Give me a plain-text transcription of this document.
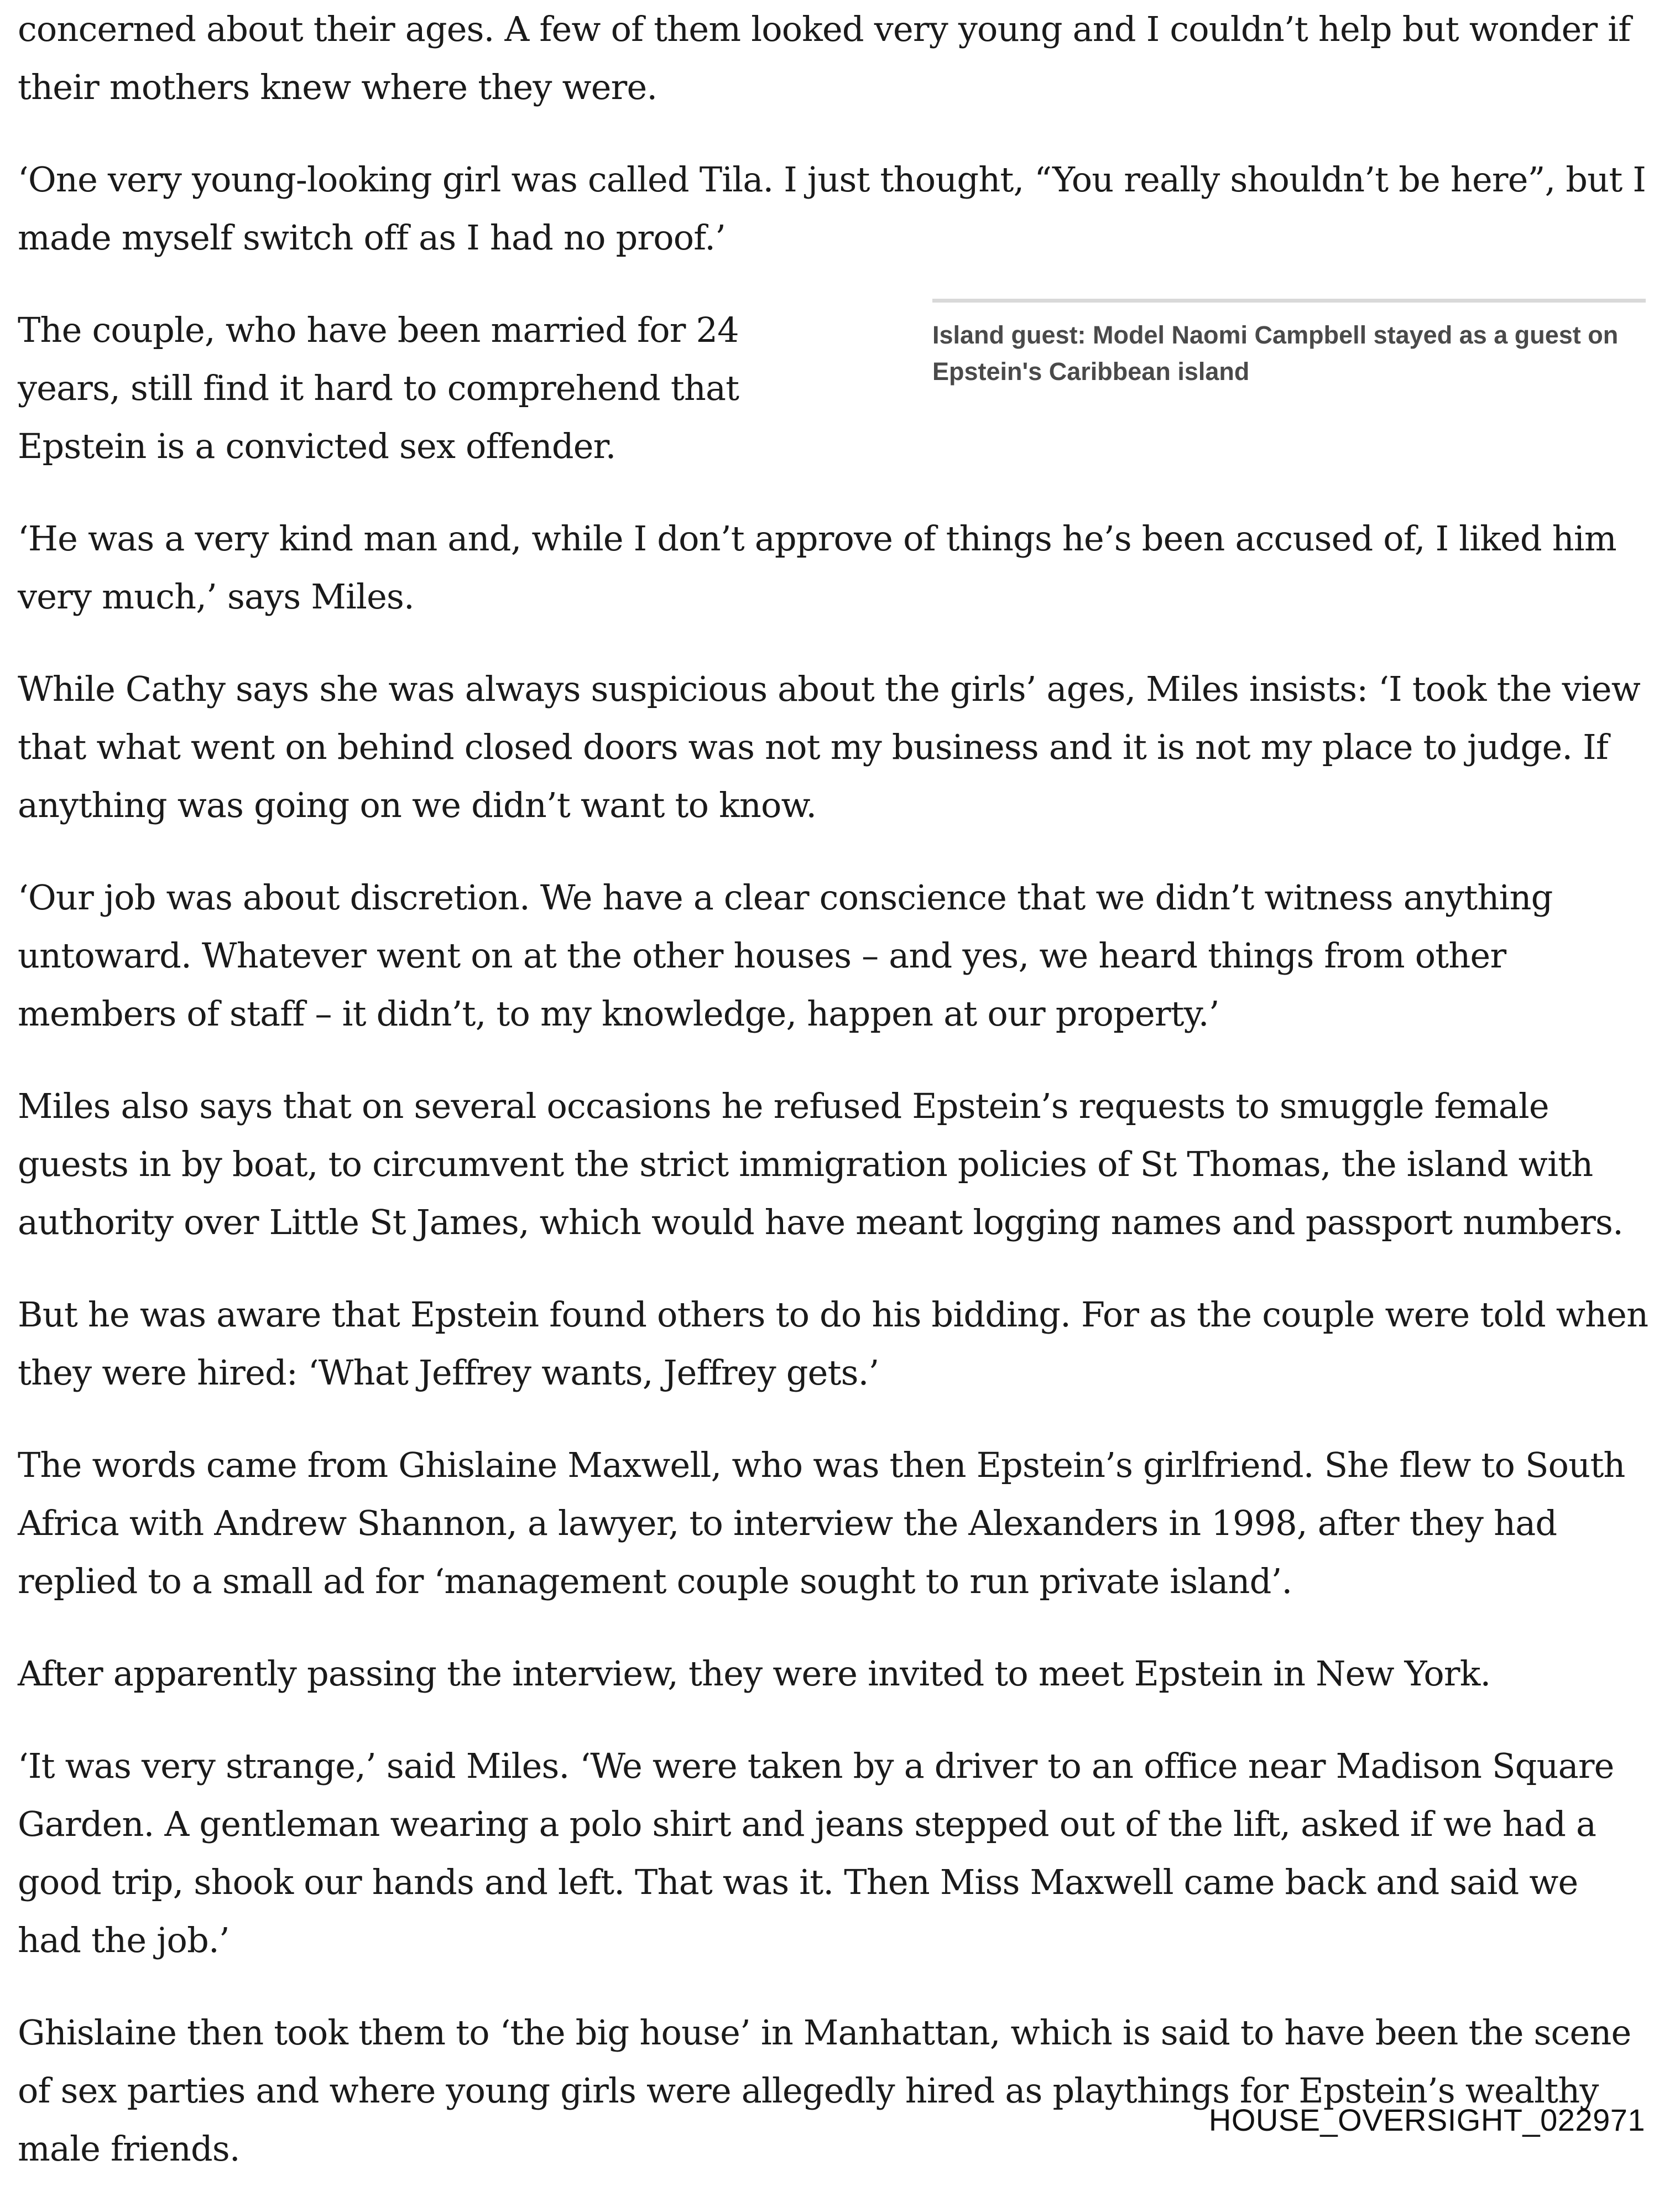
concerned about their ages. A few of them looked very young and I couldn’t help but wonder if their mothers knew where they were.

‘One very young-looking girl was called Tila. I just thought, “You really shouldn’t be here”, but I made myself switch off as I had no proof.’

The couple, who have been married for 24 years, still find it hard to comprehend that Epstein is a convicted sex offender.

‘He was a very kind man and, while I don’t approve of things he’s been accused of, I liked him very much,’ says Miles.

While Cathy says she was always suspicious about the girls’ ages, Miles insists: ‘I took the view that what went on behind closed doors was not my business and it is not my place to judge. If anything was going on we didn’t want to know.

‘Our job was about discretion. We have a clear conscience that we didn’t witness anything untoward. Whatever went on at the other houses – and yes, we heard things from other members of staff – it didn’t, to my knowledge, happen at our property.’

Miles also says that on several occasions he refused Epstein’s requests to smuggle female guests in by boat, to circumvent the strict immigration policies of St Thomas, the island with authority over Little St James, which would have meant logging names and passport numbers.

But he was aware that Epstein found others to do his bidding. For as the couple were told when they were hired: ‘What Jeffrey wants, Jeffrey gets.’

The words came from Ghislaine Maxwell, who was then Epstein’s girlfriend. She flew to South Africa with Andrew Shannon, a lawyer, to interview the Alexanders in 1998, after they had replied to a small ad for ‘management couple sought to run private island’.

After apparently passing the interview, they were invited to meet Epstein in New York.

‘It was very strange,’ said Miles. ‘We were taken by a driver to an office near Madison Square Garden. A gentleman wearing a polo shirt and jeans stepped out of the lift, asked if we had a good trip, shook our hands and left. That was it. Then Miss Maxwell came back and said we had the job.’

Ghislaine then took them to ‘the big house’ in Manhattan, which is said to have been the scene of sex parties and where young girls were allegedly hired as playthings for Epstein’s wealthy male friends.

Island guest: Model Naomi Campbell stayed as a guest on Epstein's Caribbean island

HOUSE_OVERSIGHT_022971
